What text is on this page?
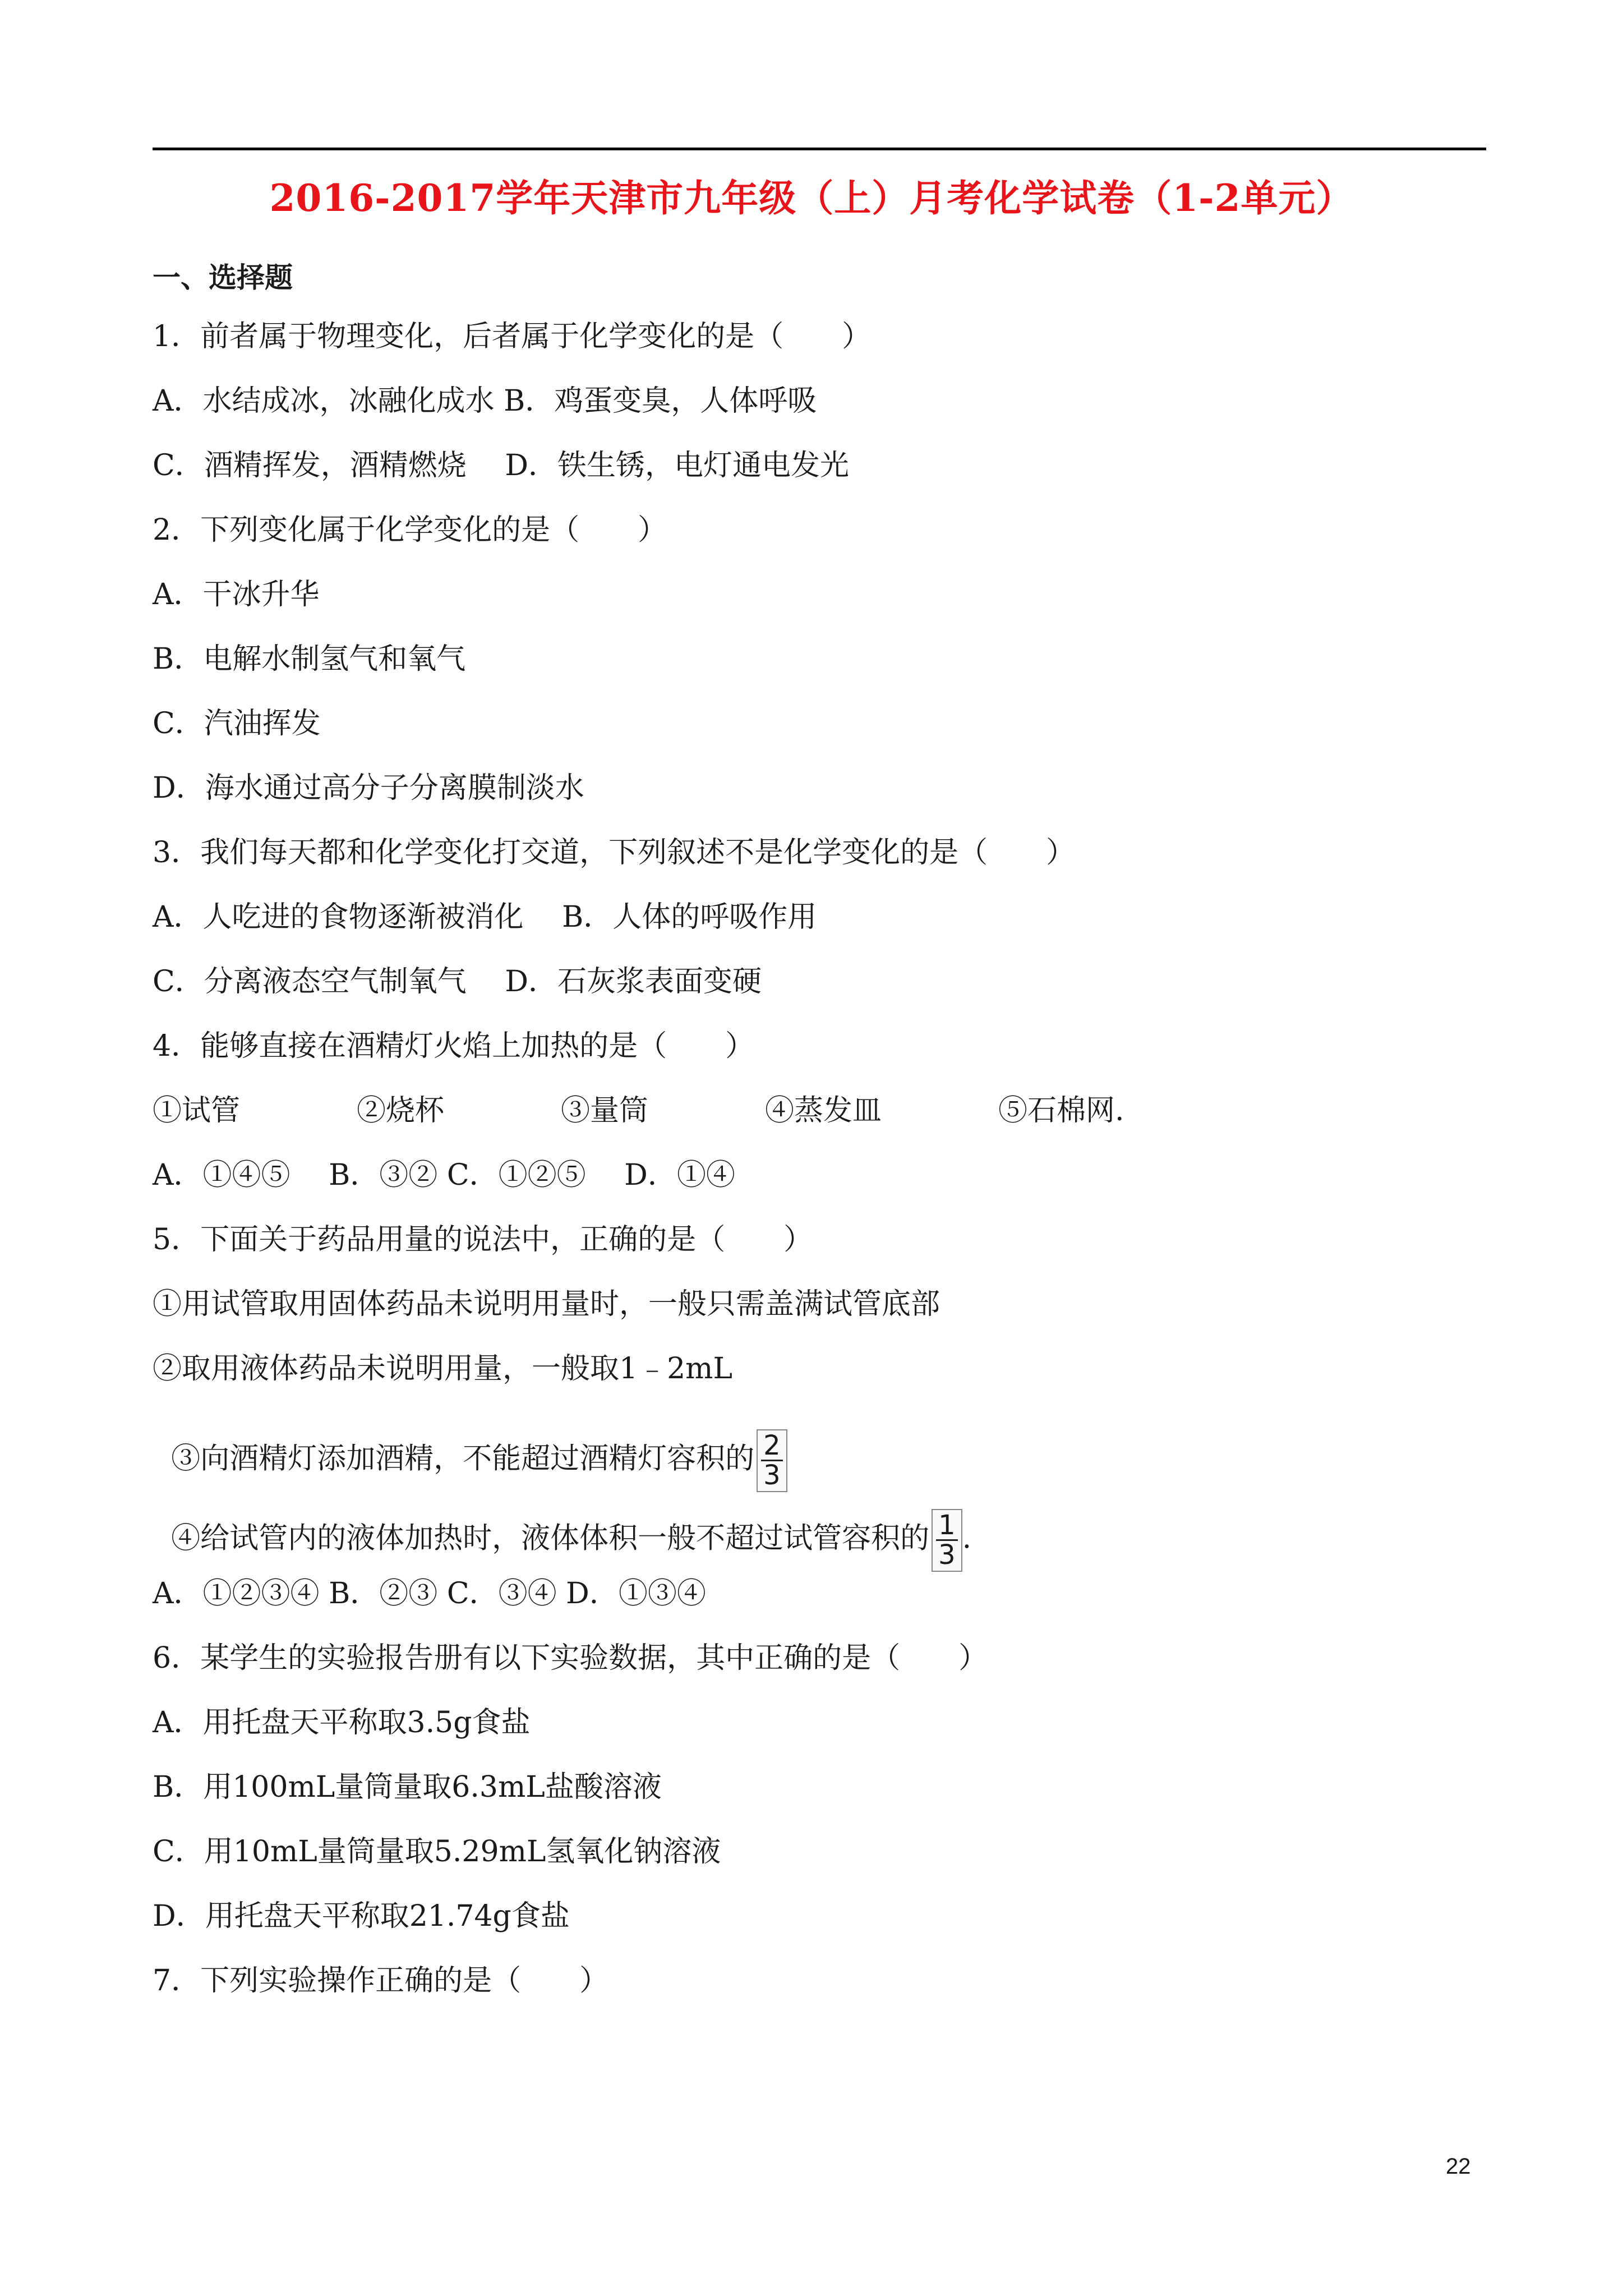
2016-2017学年天津市九年级（上）月考化学试卷（1-2单元）
一、选择题
1．前者属于物理变化，后者属于化学变化的是（　　）
A．水结成冰，冰融化成水 B．鸡蛋变臭，人体呼吸
C．酒精挥发，酒精燃烧　 D．铁生锈，电灯通电发光
2．下列变化属于化学变化的是（　　）
A．干冰升华
B．电解水制氢气和氧气
C．汽油挥发
D．海水通过高分子分离膜制淡水
3．我们每天都和化学变化打交道，下列叙述不是化学变化的是（　　）
A．人吃进的食物逐渐被消化　 B．人体的呼吸作用
C．分离液态空气制氧气　 D．石灰浆表面变硬
4．能够直接在酒精灯火焰上加热的是（　　）
①试管　　　　②烧杯　　　　③量筒　　　　④蒸发皿　　　　⑤石棉网.
A．①④⑤　 B．③② C．①②⑤　 D．①④
5．下面关于药品用量的说法中，正确的是（　　）
①用试管取用固体药品未说明用量时，一般只需盖满试管底部
②取用液体药品未说明用量，一般取1﹣2mL

③向酒精灯添加酒精，不能超过酒精灯容积的 $\frac{2}{3}$

④给试管内的液体加热时，液体体积一般不超过试管容积的 $\frac{1}{3}$ .

A．①②③④ B．②③ C．③④ D．①③④
6．某学生的实验报告册有以下实验数据，其中正确的是（　　）
A．用托盘天平称取3.5g食盐
B．用100mL量筒量取6.3mL盐酸溶液
C．用10mL量筒量取5.29mL氢氧化钠溶液
D．用托盘天平称取21.74g食盐
7．下列实验操作正确的是（　　）
22
